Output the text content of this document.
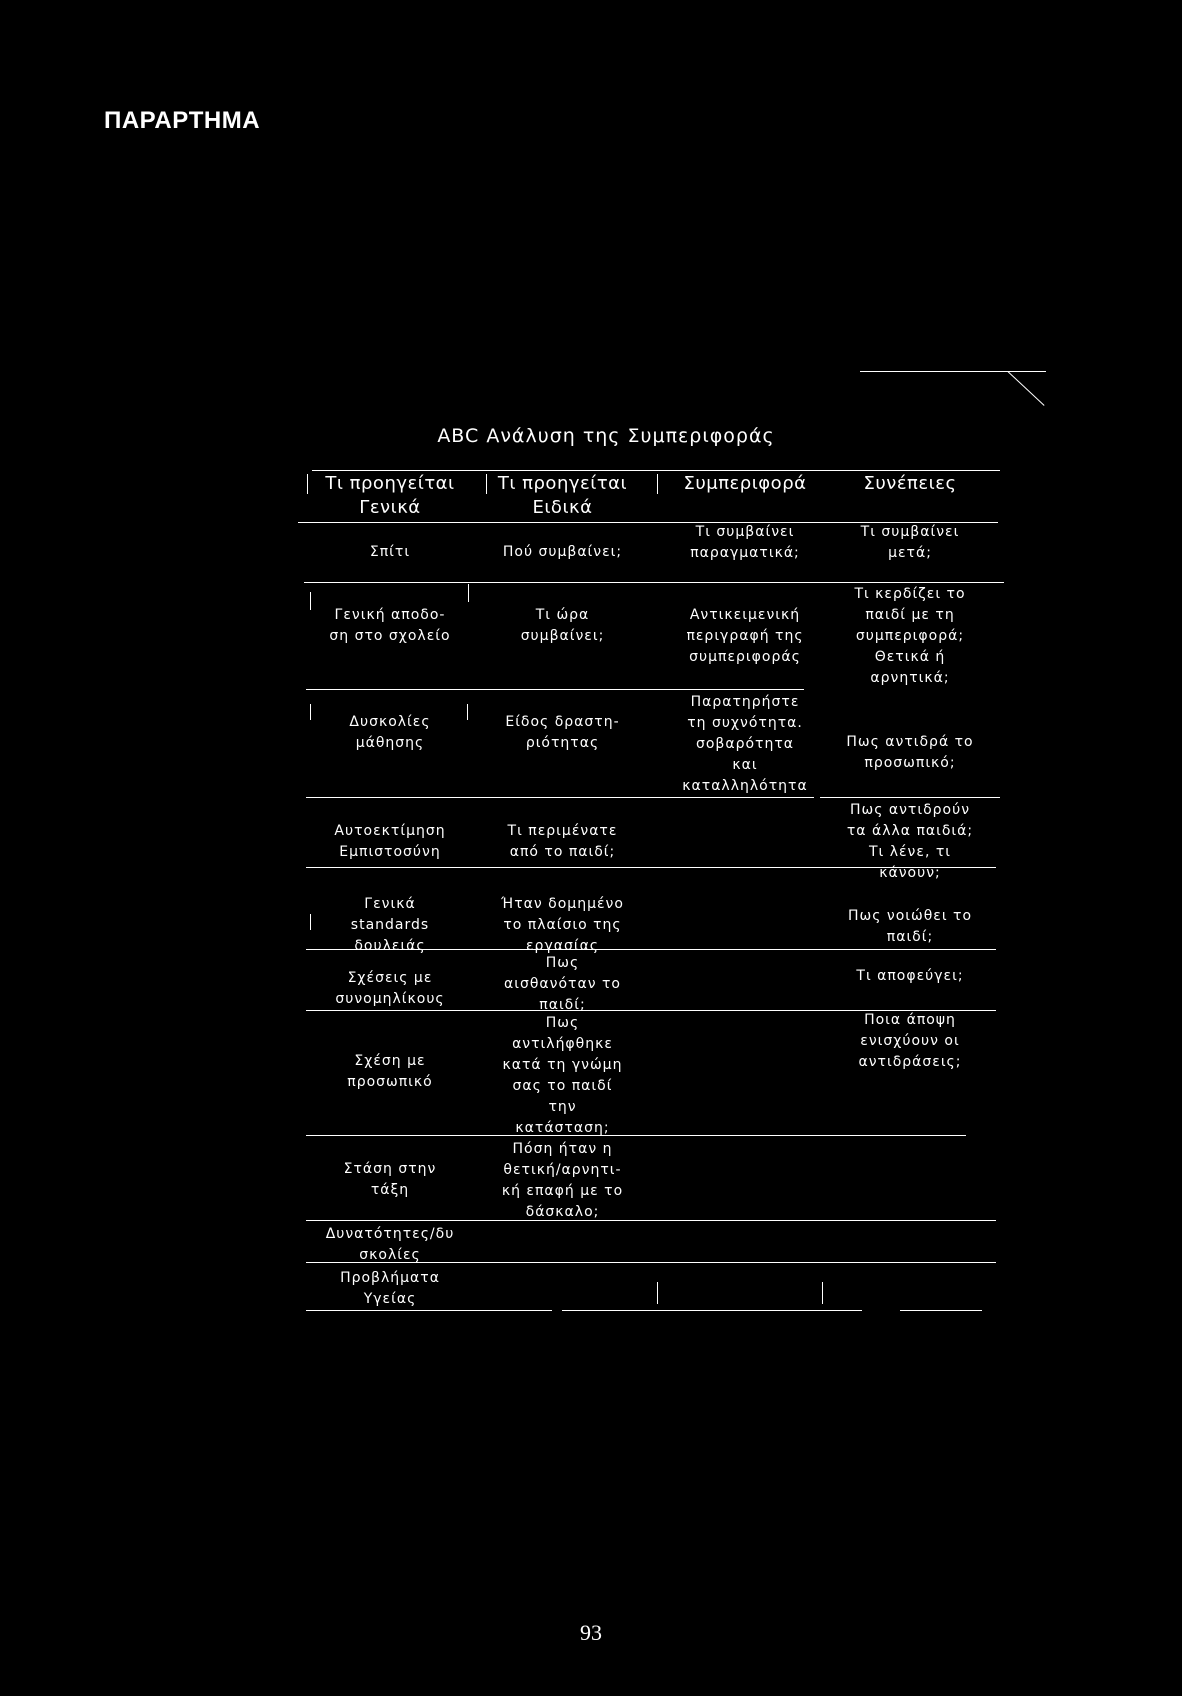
ΠΑΡΑΡΤΗΜΑ
ABC Ανάλυση της Συμπεριφοράς
Τι προηγείται
Γενικά
Τι προηγείται
Ειδικά
Συμπεριφορά	Συνέπειες
Σπίτι	Πού συμβαίνει;
Τι συμβαίνει
παραγματικά;
Τι συμβαίνει
μετά;
Γενική αποδο-
ση στο σχολείο
Δυσκολίες
μάθησης
Αυτοεκτίμηση
Εμπιστοσύνη
Γενικά
standards
δουλειάς
Σχέσεις με
συνομηλίκους
Σχέση με
προσωπικό
Στάση στην
τάξη
Δυνατότητες/δυ
σκολίες
Προβλήματα
Υγείας
Τι ώρα
συμβαίνει;
Είδος δραστη-
ριότητας
Τι περιμένατε
από το παιδί;
Ήταν δομημένο
το πλαίσιο της
εργασίας
Πως
αισθανόταν το
παιδί;
Πως
αντιλήφθηκε
κατά τη γνώμη
σας το παιδί
την
κατάσταση;
Πόση ήταν η
θετική/αρνητι-
κή επαφή με το
δάσκαλο;
Αντικειμενική
περιγραφή της
συμπεριφοράς
Παρατηρήστε
τη συχνότητα.
σοβαρότητα
και
καταλληλότητα
Τι κερδίζει το
παιδί με τη
συμπεριφορά;
Θετικά ή
αρνητικά;
Πως αντιδρά το
προσωπικό;
Πως αντιδρούν
τα άλλα παιδιά;
Τι λένε, τι
κάνουν;
Πως νοιώθει το
παιδί;
Τι αποφεύγει;
Ποια άποψη
ενισχύουν οι
αντιδράσεις;
93
